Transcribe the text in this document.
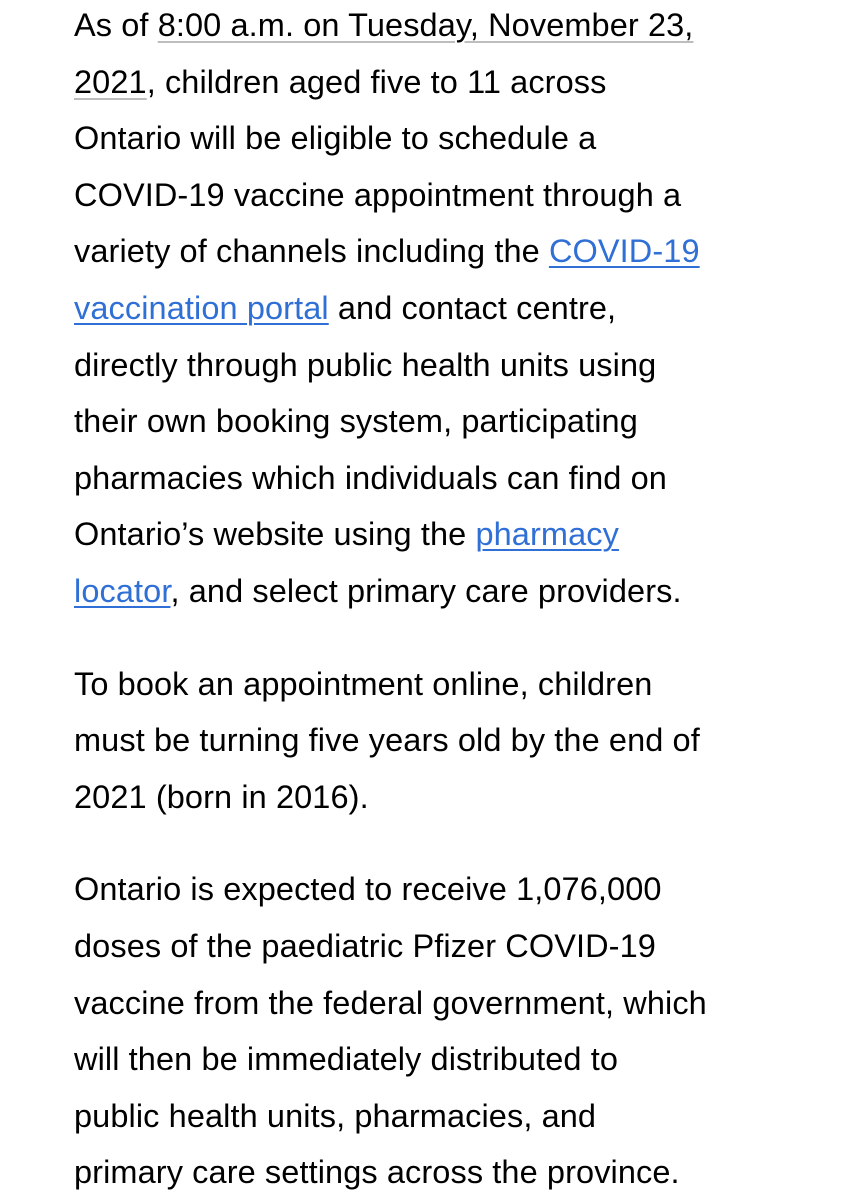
As of 8:00 a.m. on Tuesday, November 23,
2021, children aged five to 11 across
Ontario will be eligible to schedule a
COVID-19 vaccine appointment through a
variety of channels including the COVID-19
vaccination portal and contact centre,
directly through public health units using
their own booking system, participating
pharmacies which individuals can find on
Ontario’s website using the pharmacy
locator, and select primary care providers.

To book an appointment online, children
must be turning five years old by the end of
2021 (born in 2016).

Ontario is expected to receive 1,076,000
doses of the paediatric Pfizer COVID-19
vaccine from the federal government, which
will then be immediately distributed to
public health units, pharmacies, and
primary care settings across the province.
